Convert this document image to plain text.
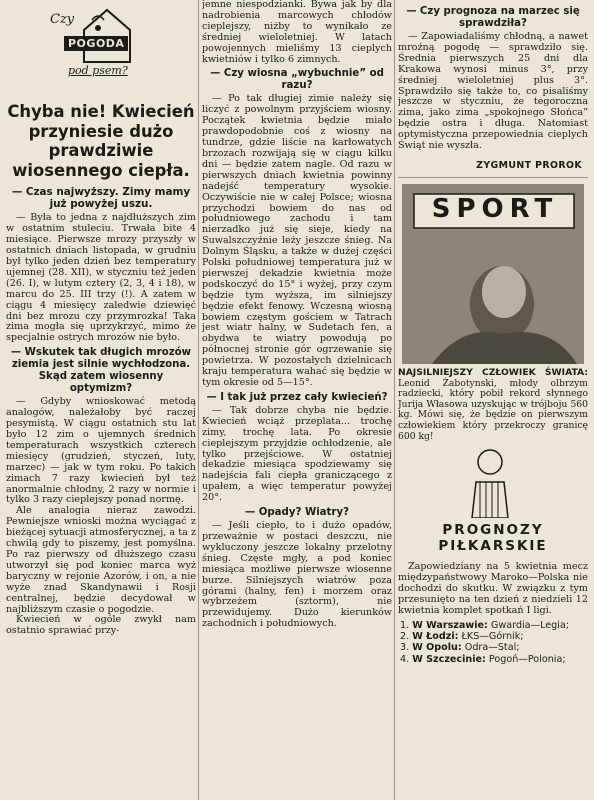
Czy
POGODA
pod psem?
Chyba nie! Kwiecień przyniesie dużo prawdziwie wiosennego ciepła.
— Czas najwyższy. Zimy mamy już powyżej uszu.

— Była to jedna z najdłuższych zim w ostatnim stuleciu. Trwała bite 4 miesiące. Pierwsze mrozy przyszły w ostatnich dniach listopada, w grudniu był tylko jeden dzień bez temperatury ujemnej (28. XII), w styczniu też jeden (26. I), w lutym cztery (2, 3, 4 i 18), w marcu do 25. III trzy (!). A zatem w ciągu 4 miesięcy zaledwie dziewięć dni bez mrozu czy przymrozka! Taka zima mogła się uprzykrzyć, mimo że specjalnie ostrych mrozów nie było.

— Wskutek tak długich mrozów ziemia jest silnie wychłodzona. Skąd zatem wiosenny optymizm?

— Gdyby wnioskować metodą analogów, należałoby być raczej pesymistą. W ciągu ostatnich stu lat było 12 zim o ujemnych średnich temperaturach wszystkich czterech miesięcy (grudzień, styczeń, luty, marzec) — jak w tym roku. Po takich zimach 7 razy kwiecień był też anormalnie chłodny, 2 razy w normie i tylko 3 razy cieplejszy ponad normę.

Ale analogia nieraz zawodzi. Pewniejsze wnioski można wyciągać z bieżącej sytuacji atmosferycznej, a ta z chwilą gdy to piszemy, jest pomyślna. Po raz pierwszy od dłuższego czasu utworzył się pod koniec marca wyż baryczny w rejonie Azorów, i on, a nie wyże znad Skandynawii i Rosji centralnej, będzie decydował w najbliższym czasie o pogodzie.

Kwiecień w ogóle zwykł nam ostatnio sprawiać przy-

jemne niespodzianki. Bywa jak by dla nadrobienia marcowych chłodów cieplejszy, niżby to wynikało ze średniej wieloletniej. W latach powojennych mieliśmy 13 cieplych kwietniów i tylko 6 zimnych.

— Czy wiosna „wybuchnie” od razu?

— Po tak długiej zimie należy się liczyć z powolnym przyjściem wiosny. Początek kwietnia będzie miało prawdopodobnie coś z wiosny na tundrze, gdzie liście na karłowatych brzozach rozwijają się w ciągu kilku dni — będzie zatem nagle. Od razu w pierwszych dniach kwietnia powinny nadejść temperatury wysokie. Oczywiście nie w całej Polsce; wiosna przychodzi bowiem do nas od południowego zachodu i tam nierzadko już się sieje, kiedy na Suwalszczyźnie leży jeszcze śnieg. Na Dolnym Śląsku, a także w dużej części Polski południowej temperatura już w pierwszej dekadzie kwietnia może podskoczyć do 15° i wyżej, przy czym będzie tym wyższa, im silniejszy będzie efekt fenowy. Wczesną wiosną bowiem częstym gościem w Tatrach jest wiatr halny, w Sudetach fen, a obydwa te wiatry powodują po północnej stronie gór ogrzewanie się powietrza. W pozostałych dzielnicach kraju temperatura wahać się będzie w tym okresie od 5—15°.

— I tak już przez cały kwiecień?

— Tak dobrze chyba nie będzie. Kwiecień wciąż przeplata... trochę zimy, trochę lata. Po okresie cieplejszym przyjdzie ochłodzenie, ale tylko przejściowe. W ostatniej dekadzie miesiąca spodziewamy się nadejścia fali ciepła graniczącego z upałem, a więc temperatur powyżej 20°.

— Opady? Wiatry?

— Jeśli ciepło, to i dużo opadów, przeważnie w postaci deszczu, nie wykluczony jeszcze lokalny przelotny śnieg. Częste mgły, a pod koniec miesiąca możliwe pierwsze wiosenne burze. Silniejszych wiatrów poza górami (halny, fen) i morzem oraz wybrzeżem (sztorm), nie przewidujemy. Dużo kierunków zachodnich i południowych.

— Czy prognoza na marzec się sprawdziła?

— Zapowiadaliśmy chłodną, a nawet mroźną pogodę — sprawdziło się. Średnia pierwszych 25 dni dla Krakowa wynosi minus 3°, przy średniej wieloletniej plus 3°. Sprawdziło się także to, co pisaliśmy jeszcze w styczniu, że tegoroczna zima, jako zima „spokojnego Słońca” będzie ostra i długa. Natomiast optymistyczna przepowiednia cieplych Świąt nie wyszła.

ZYGMUNT PROROK
SPORT

NAJSILNIEJSZY CZŁOWIEK ŚWIATA: Leonid Żabotynski, młody olbrzym radziecki, który pobił rekord słynnego Jurija Własowa uzyskując w trójboju 560 kg. Mówi się, że będzie on pierwszym człowiekiem który przekroczy granicę 600 kg!

PROGNOZY
PIŁKARSKIE

Zapowiedziany na 5 kwietnia mecz międzypaństwowy Maroko—Polska nie dochodzi do skutku. W związku z tym przesunięto na ten dzień z niedzieli 12 kwietnia komplet spotkań I ligi.

1. W Warszawie: Gwardia—Legia;
2. W Łodzi: ŁKS—Górnik;
3. W Opolu: Odra—Stal;
4. W Szczecinie: Pogoń—Polonia;
